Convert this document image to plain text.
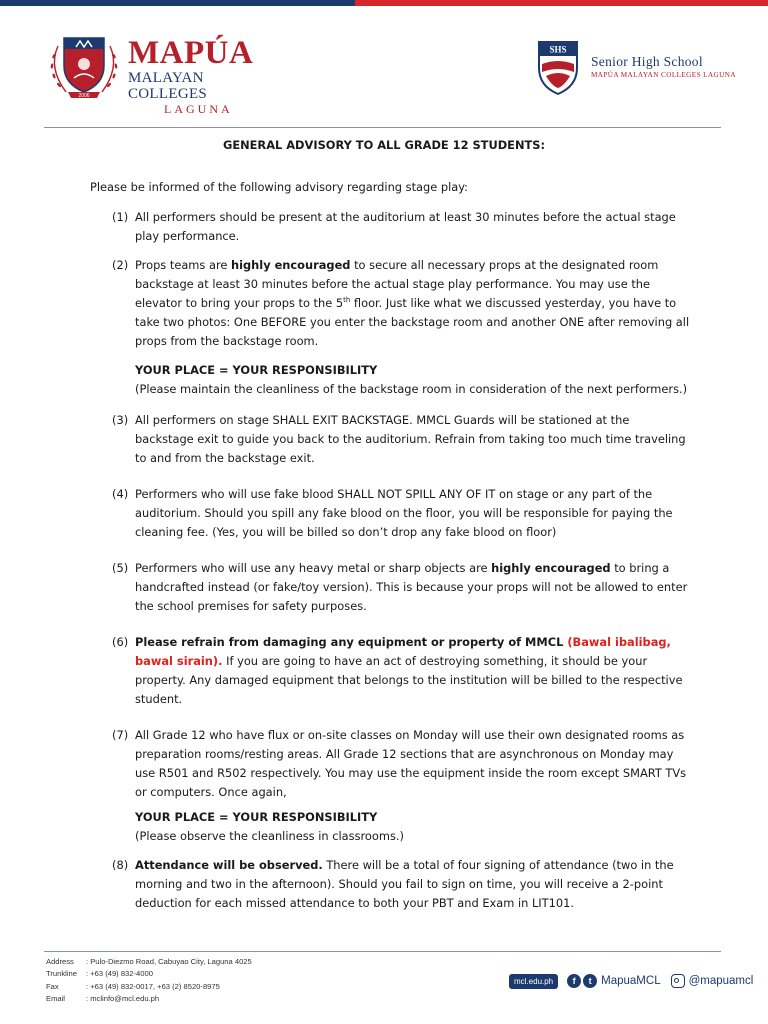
2006
MAPÚA
MALAYAN COLLEGES
LAGUNA
SHS
Senior High School
MAPÚA MALAYAN COLLEGES LAGUNA
GENERAL ADVISORY TO ALL GRADE 12 STUDENTS:
Please be informed of the following advisory regarding stage play:
(1) All performers should be present at the auditorium at least 30 minutes before the actual stage play performance.
(2) Props teams are highly encouraged to secure all necessary props at the designated room backstage at least 30 minutes before the actual stage play performance. You may use the elevator to bring your props to the 5th floor. Just like what we discussed yesterday, you have to take two photos: One BEFORE you enter the backstage room and another ONE after removing all props from the backstage room.
YOUR PLACE = YOUR RESPONSIBILITY
(Please maintain the cleanliness of the backstage room in consideration of the next performers.)
(3) All performers on stage SHALL EXIT BACKSTAGE. MMCL Guards will be stationed at the backstage exit to guide you back to the auditorium. Refrain from taking too much time traveling to and from the backstage exit.
(4) Performers who will use fake blood SHALL NOT SPILL ANY OF IT on stage or any part of the auditorium. Should you spill any fake blood on the floor, you will be responsible for paying the cleaning fee. (Yes, you will be billed so don’t drop any fake blood on floor)
(5) Performers who will use any heavy metal or sharp objects are highly encouraged to bring a handcrafted instead (or fake/toy version). This is because your props will not be allowed to enter the school premises for safety purposes.
(6) Please refrain from damaging any equipment or property of MMCL (Bawal ibalibag, bawal sirain). If you are going to have an act of destroying something, it should be your property. Any damaged equipment that belongs to the institution will be billed to the respective student.
(7) All Grade 12 who have flux or on-site classes on Monday will use their own designated rooms as preparation rooms/resting areas. All Grade 12 sections that are asynchronous on Monday may use R501 and R502 respectively. You may use the equipment inside the room except SMART TVs or computers. Once again,
YOUR PLACE = YOUR RESPONSIBILITY
(Please observe the cleanliness in classrooms.)
(8) Attendance will be observed. There will be a total of four signing of attendance (two in the morning and two in the afternoon). Should you fail to sign on time, you will receive a 2-point deduction for each missed attendance to both your PBT and Exam in LIT101.
Address	: Pulo-Diezmo Road, Cabuyao City, Laguna 4025
Trunkline	: +63 (49) 832-4000
Fax	: +63 (49) 832-0017, +63 (2) 8520-8975
Email	: mclinfo@mcl.edu.ph
mcl.edu.ph	f	t MapuaMCL @mapuamcl
